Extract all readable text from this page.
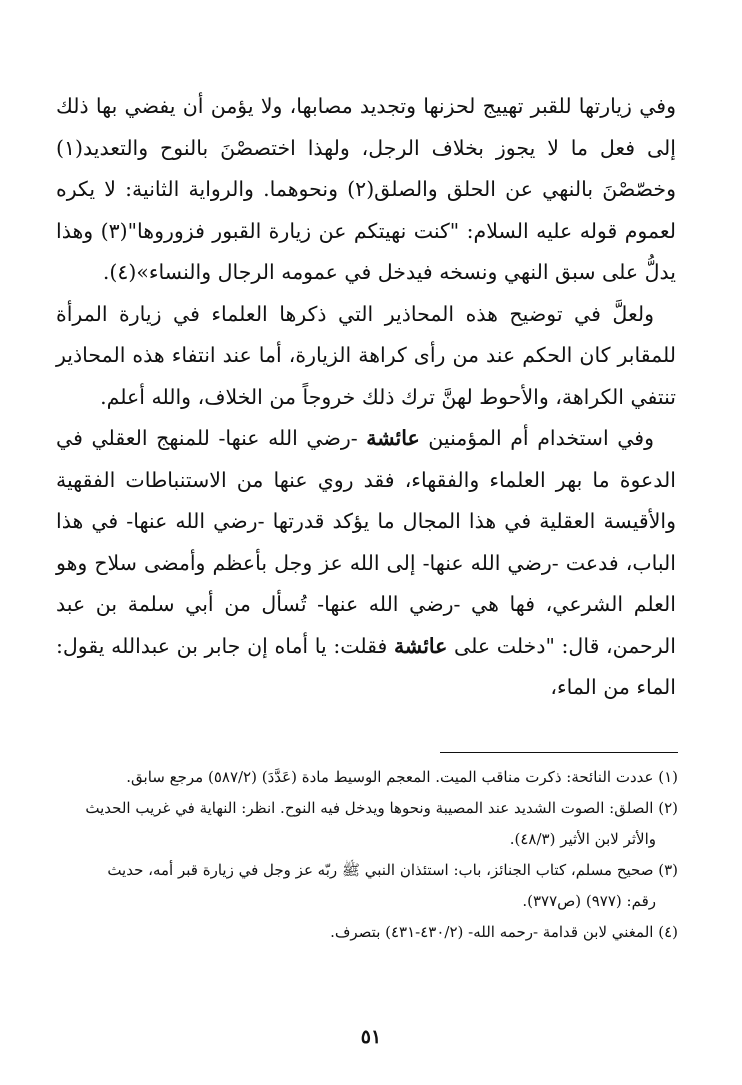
وفي زيارتها للقبر تهييج لحزنها وتجديد مصابها، ولا يؤمن أن يفضي بها ذلك إلى فعل ما لا يجوز بخلاف الرجل، ولهذا اختصصْنَ بالنوح والتعديد(١) وخصّصْنَ بالنهي عن الحلق والصلق(٢) ونحوهما. والرواية الثانية: لا يكره لعموم قوله عليه السلام: "كنت نهيتكم عن زيارة القبور فزوروها"(٣) وهذا يدلُّ على سبق النهي ونسخه فيدخل في عمومه الرجال والنساء»(٤).

ولعلَّ في توضيح هذه المحاذير التي ذكرها العلماء في زيارة المرأة للمقابر كان الحكم عند من رأى كراهة الزيارة، أما عند انتفاء هذه المحاذير تنتفي الكراهة، والأحوط لهنَّ ترك ذلك خروجاً من الخلاف، والله أعلم.

وفي استخدام أم المؤمنين عائشة -رضي الله عنها- للمنهج العقلي في الدعوة ما بهر العلماء والفقهاء، فقد روي عنها من الاستنباطات الفقهية والأقيسة العقلية في هذا المجال ما يؤكد قدرتها -رضي الله عنها- في هذا الباب، فدعت -رضي الله عنها- إلى الله عز وجل بأعظم وأمضى سلاح وهو العلم الشرعي، فها هي -رضي الله عنها- تُسأل من أبي سلمة بن عبد الرحمن، قال: "دخلت على عائشة فقلت: يا أماه إن جابر بن عبدالله يقول: الماء من الماء،

(١) عددت النائحة: ذكرت مناقب الميت. المعجم الوسيط مادة (عَدَّدَ) (٥٨٧/٢) مرجع سابق.

(٢) الصلق: الصوت الشديد عند المصيبة ونحوها ويدخل فيه النوح. انظر: النهاية في غريب الحديث

والأثر لابن الأثير (٤٨/٣).

(٣) صحيح مسلم، كتاب الجنائز، باب: استئذان النبي ﷺ ربّه عز وجل في زيارة قبر أمه، حديث

رقم: (٩٧٧) (ص٣٧٧).

(٤) المغني لابن قدامة -رحمه الله- (٤٣٠/٢-٤٣١) بتصرف.

٥١
